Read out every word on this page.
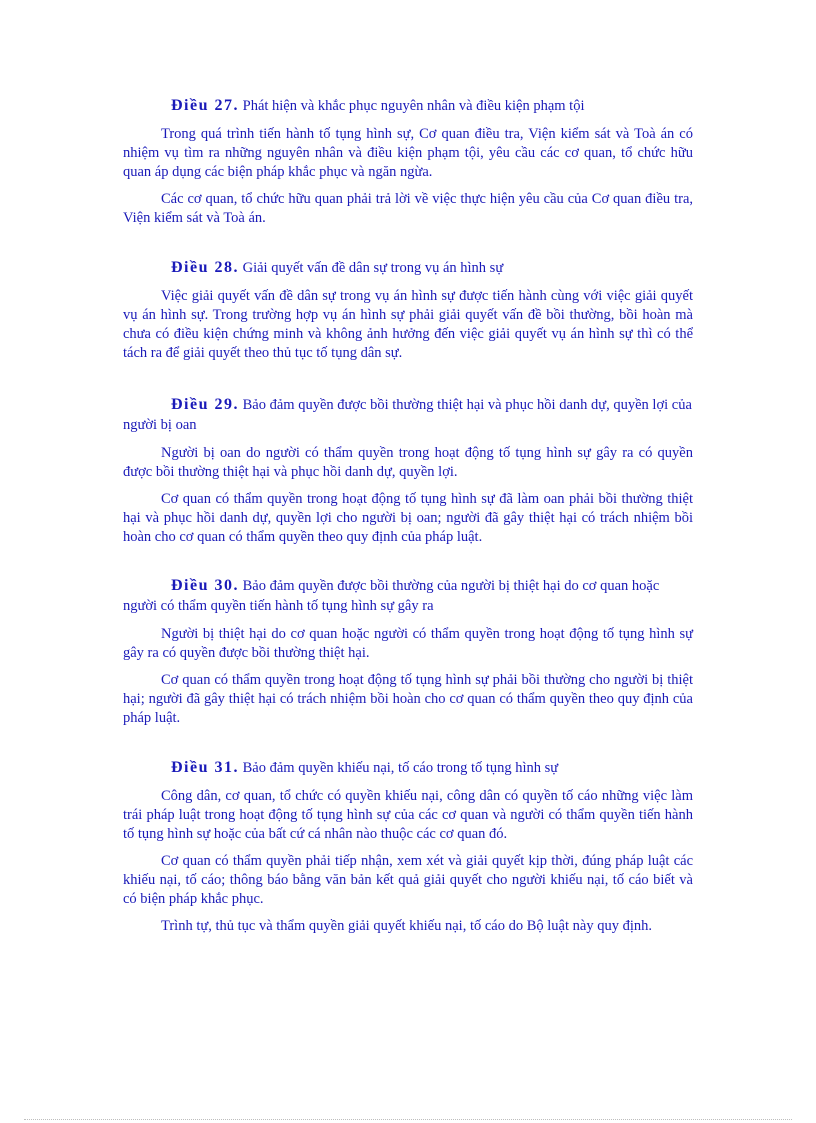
Điều 27. Phát hiện và khắc phục nguyên nhân và điều kiện phạm tội

Trong quá trình tiến hành tố tụng hình sự, Cơ quan điều tra, Viện kiểm sát và Toà án có nhiệm vụ tìm ra những nguyên nhân và điều kiện phạm tội, yêu cầu các cơ quan, tổ chức hữu quan áp dụng các biện pháp khắc phục và ngăn ngừa.

Các cơ quan, tổ chức hữu quan phải trả lời về việc thực hiện yêu cầu của Cơ quan điều tra, Viện kiểm sát và Toà án.

Điều 28. Giải quyết vấn đề dân sự trong vụ án hình sự

Việc giải quyết vấn đề dân sự trong vụ án hình sự được tiến hành cùng với việc giải quyết vụ án hình sự. Trong trường hợp vụ án hình sự phải giải quyết vấn đề bồi thường, bồi hoàn mà chưa có điều kiện chứng minh và không ảnh hưởng đến việc giải quyết vụ án hình sự thì có thể tách ra để giải quyết theo thủ tục tố tụng dân sự.

Điều 29. Bảo đảm quyền được bồi thường thiệt hại và phục hồi danh dự, quyền lợi của người bị oan

Người bị oan do người có thẩm quyền trong hoạt động tố tụng hình sự gây ra có quyền được bồi thường thiệt hại và phục hồi danh dự, quyền lợi.

Cơ quan có thẩm quyền trong hoạt động tố tụng hình sự đã làm oan phải bồi thường thiệt hại và phục hồi danh dự, quyền lợi cho người bị oan; người đã gây thiệt hại có trách nhiệm bồi hoàn cho cơ quan có thẩm quyền theo quy định của pháp luật.

Điều 30. Bảo đảm quyền được bồi thường của người bị thiệt hại do cơ quan hoặc người có thẩm quyền tiến hành tố tụng hình sự gây ra

Người bị thiệt hại do cơ quan hoặc người có thẩm quyền trong hoạt động tố tụng hình sự gây ra có quyền được bồi thường thiệt hại.

Cơ quan có thẩm quyền trong hoạt động tố tụng hình sự phải bồi thường cho người bị thiệt hại; người đã gây thiệt hại có trách nhiệm bồi hoàn cho cơ quan có thẩm quyền theo quy định của pháp luật.

Điều 31. Bảo đảm quyền khiếu nại, tố cáo trong tố tụng hình sự

Công dân, cơ quan, tổ chức có quyền khiếu nại, công dân có quyền tố cáo những việc làm trái pháp luật trong hoạt động tố tụng hình sự của các cơ quan và người có thẩm quyền tiến hành tố tụng hình sự hoặc của bất cứ cá nhân nào thuộc các cơ quan đó.

Cơ quan có thẩm quyền phải tiếp nhận, xem xét và giải quyết kịp thời, đúng pháp luật các khiếu nại, tố cáo; thông báo bằng văn bản kết quả giải quyết cho người khiếu nại, tố cáo biết và có biện pháp khắc phục.

Trình tự, thủ tục và thẩm quyền giải quyết khiếu nại, tố cáo do Bộ luật này quy định.
